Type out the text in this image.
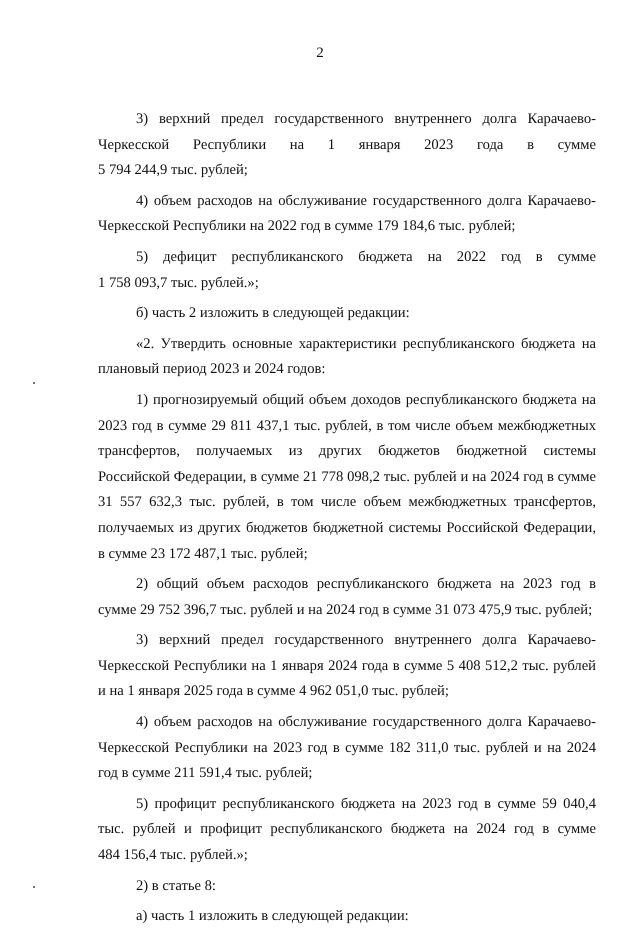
2
3) верхний предел государственного внутреннего долга Карачаево-
Черкесской Республики на 1 января 2023 года в сумме
5 794 244,9 тыс. рублей;
4) объем расходов на обслуживание государственного долга Карачаево-
Черкесской Республики на 2022 год в сумме 179 184,6 тыс. рублей;
5) дефицит республиканского бюджета на 2022 год в сумме
1 758 093,7 тыс. рублей.»;
б) часть 2 изложить в следующей редакции:
«2. Утвердить основные характеристики республиканского бюджета на
плановый период 2023 и 2024 годов:
1) прогнозируемый общий объем доходов республиканского бюджета на
2023 год в сумме 29 811 437,1 тыс. рублей, в том числе объем межбюджетных
трансфертов, получаемых из других бюджетов бюджетной системы
Российской Федерации, в сумме 21 778 098,2 тыс. рублей и на 2024 год в сумме
31 557 632,3 тыс. рублей, в том числе объем межбюджетных трансфертов,
получаемых из других бюджетов бюджетной системы Российской Федерации,
в сумме 23 172 487,1 тыс. рублей;
2) общий объем расходов республиканского бюджета на 2023 год в
сумме 29 752 396,7 тыс. рублей и на 2024 год в сумме 31 073 475,9 тыс. рублей;
3) верхний предел государственного внутреннего долга Карачаево-
Черкесской Республики на 1 января 2024 года в сумме 5 408 512,2 тыс. рублей
и на 1 января 2025 года в сумме 4 962 051,0 тыс. рублей;
4) объем расходов на обслуживание государственного долга Карачаево-
Черкесской Республики на 2023 год в сумме 182 311,0 тыс. рублей и на 2024
год в сумме 211 591,4 тыс. рублей;
5) профицит республиканского бюджета на 2023 год в сумме 59 040,4
тыс. рублей и профицит республиканского бюджета на 2024 год в сумме
484 156,4 тыс. рублей.»;
2) в статье 8:
а) часть 1 изложить в следующей редакции:
